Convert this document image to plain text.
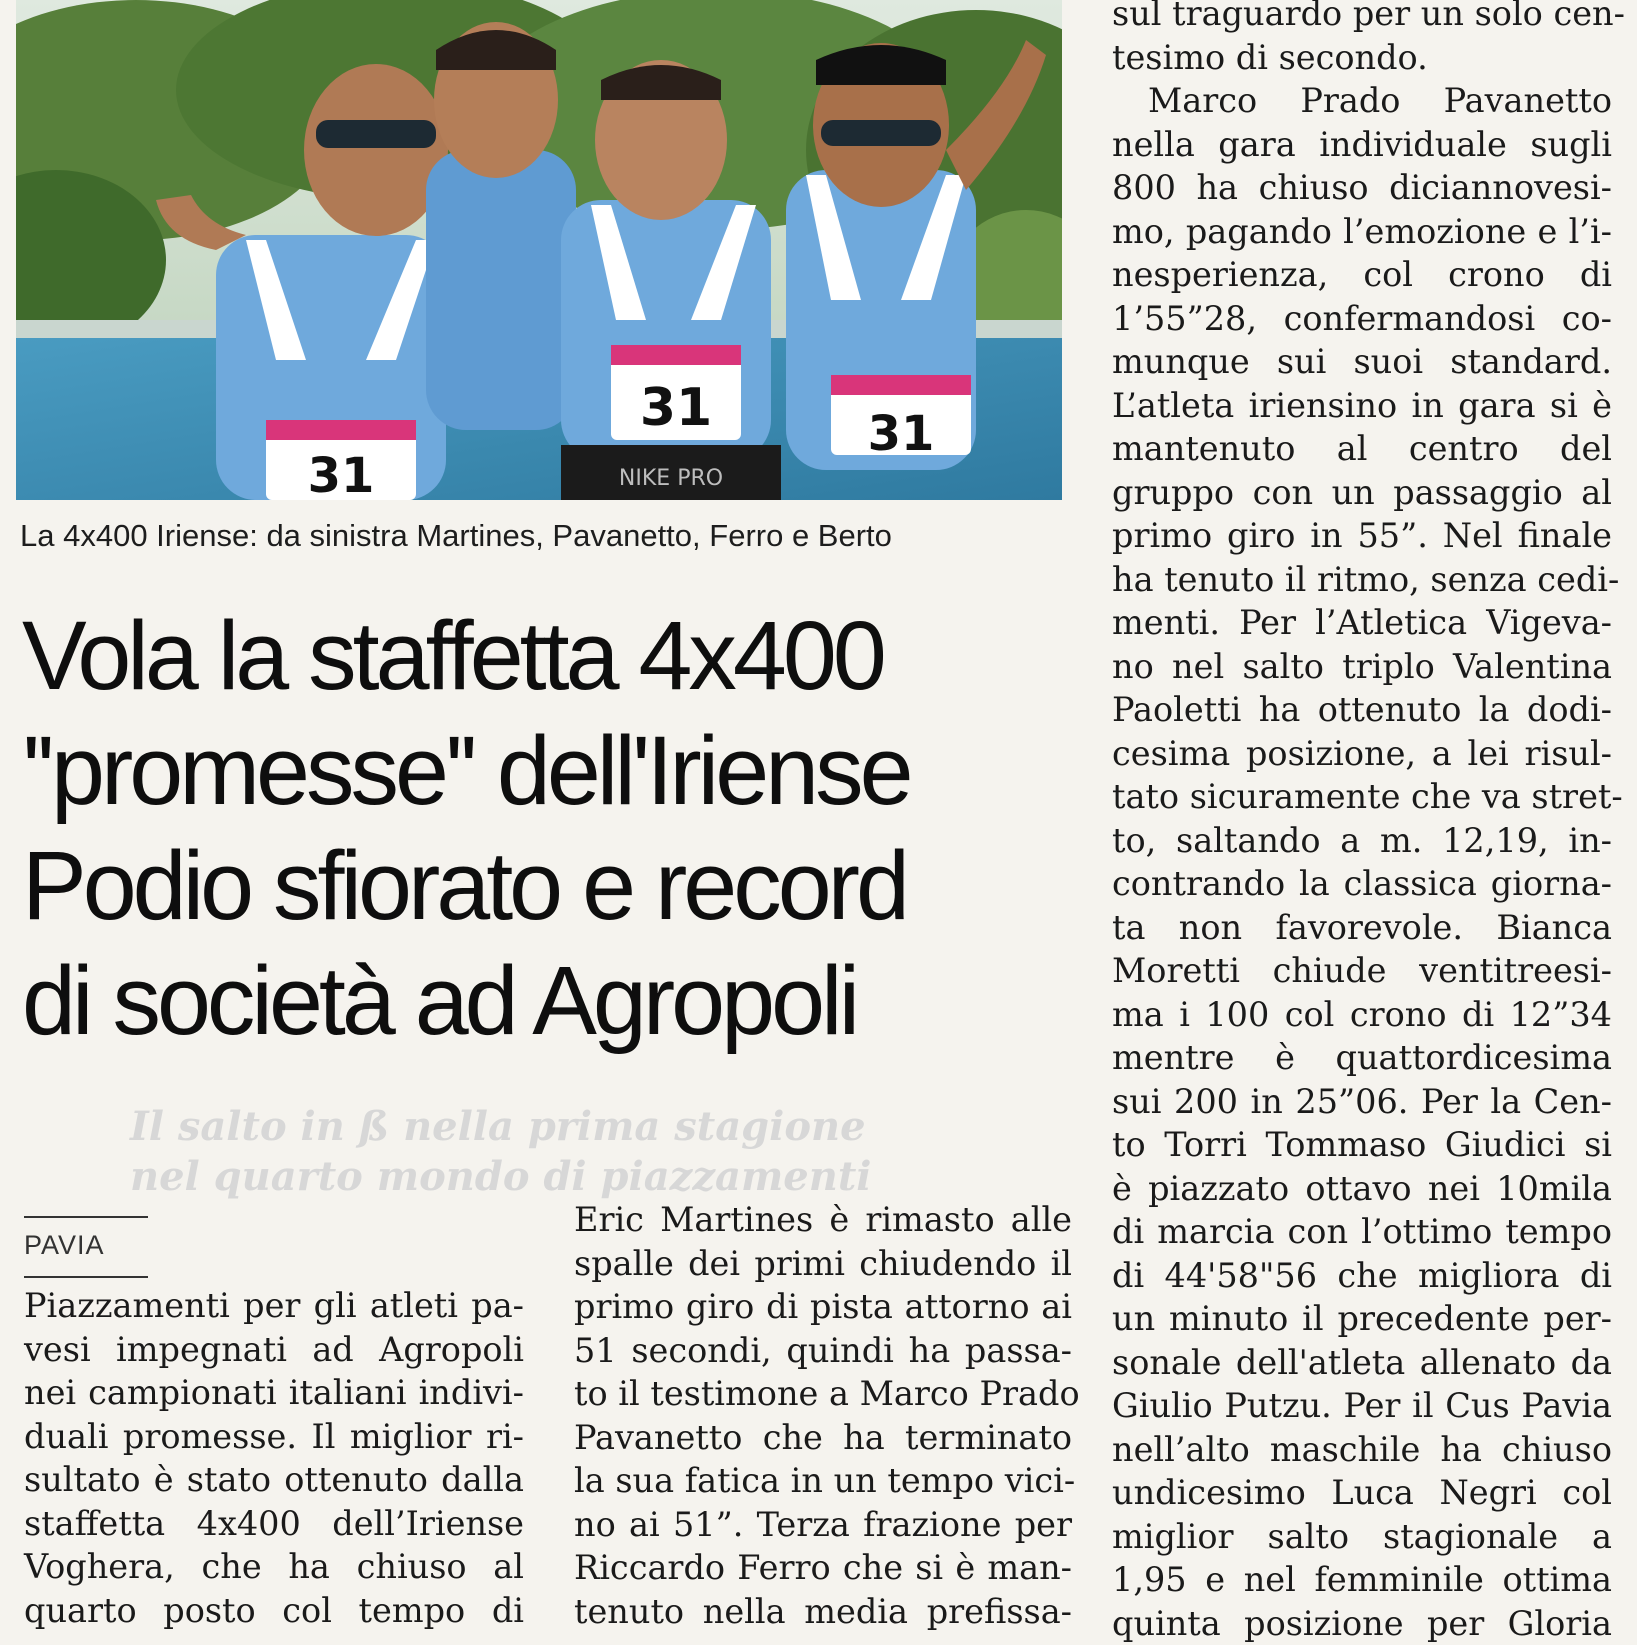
31	NIKE PRO
31	31
La 4x400 Iriense: da sinistra Martines, Pavanetto, Ferro e Berto
Vola la staffetta 4x400
''promesse'' dell'Iriense
Podio sfiorato e record
di società ad Agropoli
Il salto in ß nella prima stagione
nel quarto mondo di piazzamenti
PAVIA
Piazzamenti per gli atleti pa-
vesi impegnati ad Agropoli
nei campionati italiani indivi-
duali promesse. Il miglior ri-
sultato è stato ottenuto dalla
staffetta 4x400 dell’Iriense
Voghera, che ha chiuso al
quarto posto col tempo di
Eric Martines è rimasto alle
spalle dei primi chiudendo il
primo giro di pista attorno ai
51 secondi, quindi ha passa-
to il testimone a Marco Prado
Pavanetto che ha terminato
la sua fatica in un tempo vici-
no ai 51”. Terza frazione per
Riccardo Ferro che si è man-
tenuto nella media prefissa-
sul traguardo per un solo cen-
tesimo di secondo.
Marco Prado Pavanetto
nella gara individuale sugli
800 ha chiuso diciannovesi-
mo, pagando l’emozione e l’i-
nesperienza, col crono di
1’55”28, confermandosi co-
munque sui suoi standard.
L’atleta iriensino in gara si è
mantenuto al centro del
gruppo con un passaggio al
primo giro in 55”. Nel finale
ha tenuto il ritmo, senza cedi-
menti. Per l’Atletica Vigeva-
no nel salto triplo Valentina
Paoletti ha ottenuto la dodi-
cesima posizione, a lei risul-
tato sicuramente che va stret-
to, saltando a m. 12,19, in-
contrando la classica giorna-
ta non favorevole. Bianca
Moretti chiude ventitreesi-
ma i 100 col crono di 12”34
mentre è quattordicesima
sui 200 in 25”06. Per la Cen-
to Torri Tommaso Giudici si
è piazzato ottavo nei 10mila
di marcia con l’ottimo tempo
di 44'58"56 che migliora di
un minuto il precedente per-
sonale dell'atleta allenato da
Giulio Putzu. Per il Cus Pavia
nell’alto maschile ha chiuso
undicesimo Luca Negri col
miglior salto stagionale a
1,95 e nel femminile ottima
quinta posizione per Gloria
